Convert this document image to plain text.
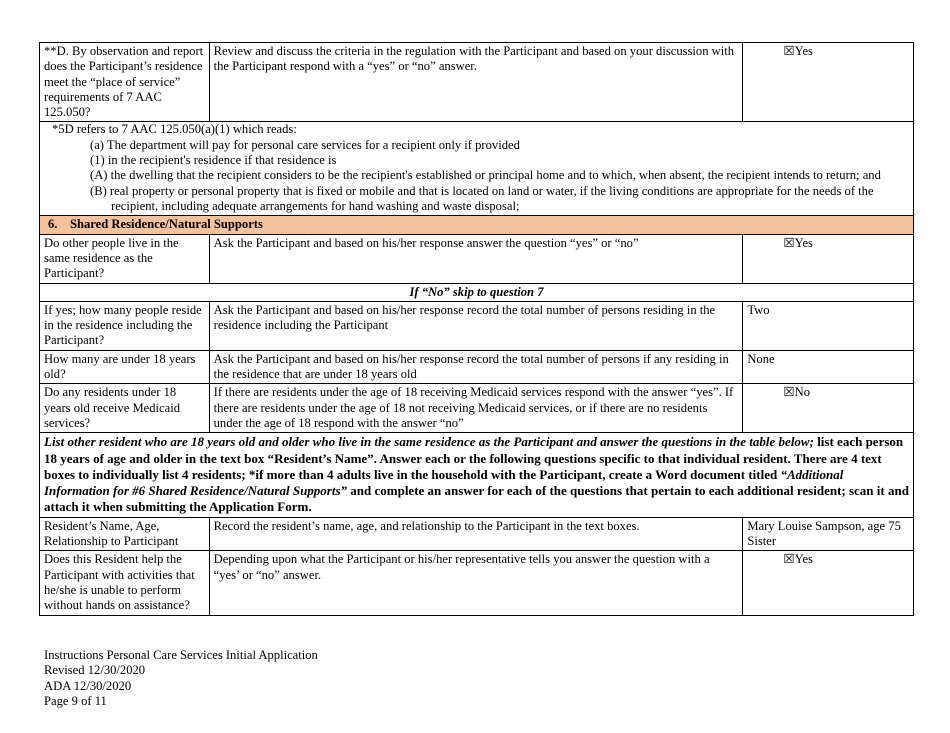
**D. By observation and report does the Participant’s residence meet the “place of service” requirements of 7 AAC 125.050?	Review and discuss the criteria in the regulation with the Participant and based on your discussion with the Participant respond with a “yes” or “no” answer.	☒Yes

*5D refers to 7 AAC 125.050(a)(1) which reads:

(a) The department will pay for personal care services for a recipient only if provided

(1) in the recipient's residence if that residence is

(A) the dwelling that the recipient considers to be the recipient's established or principal home and to which, when absent, the recipient intends to return; and

(B) real property or personal property that is fixed or mobile and that is located on land or water, if the living conditions are appropriate for the needs of the recipient, including adequate arrangements for hand washing and waste disposal;		

6. Shared Residence/Natural Supports		
Do other people live in the same residence as the Participant?	Ask the Participant and based on his/her response answer the question “yes” or “no”	☒Yes
If “No” skip to question 7		
If yes; how many people reside in the residence including the Participant?	Ask the Participant and based on his/her response record the total number of persons residing in the residence including the Participant	Two
How many are under 18 years old?	Ask the Participant and based on his/her response record the total number of persons if any residing in the residence that are under 18 years old	None
Do any residents under 18 years old receive Medicaid services?	If there are residents under the age of 18 receiving Medicaid services respond with the answer “yes”. If there are residents under the age of 18 not receiving Medicaid services, or if there are no residents under the age of 18 respond with the answer “no”	☒No
List other resident who are 18 years old and older who live in the same residence as the Participant and answer the questions in the table below; list each person 18 years of age and older in the text box “Resident’s Name”. Answer each or the following questions specific to that individual resident. There are 4 text boxes to individually list 4 residents; *if more than 4 adults live in the household with the Participant, create a Word document titled “Additional Information for #6 Shared Residence/Natural Supports” and complete an answer for each of the questions that pertain to each additional resident; scan it and attach it when submitting the Application Form.		
Resident’s Name, Age, Relationship to Participant	Record the resident’s name, age, and relationship to the Participant in the text boxes.	Mary Louise Sampson, age 75 Sister
Does this Resident help the Participant with activities that he/she is unable to perform without hands on assistance?	Depending upon what the Participant or his/her representative tells you answer the question with a “yes’ or “no” answer.	☒Yes
Instructions Personal Care Services Initial Application
Revised 12/30/2020
ADA 12/30/2020
Page 9 of 11
